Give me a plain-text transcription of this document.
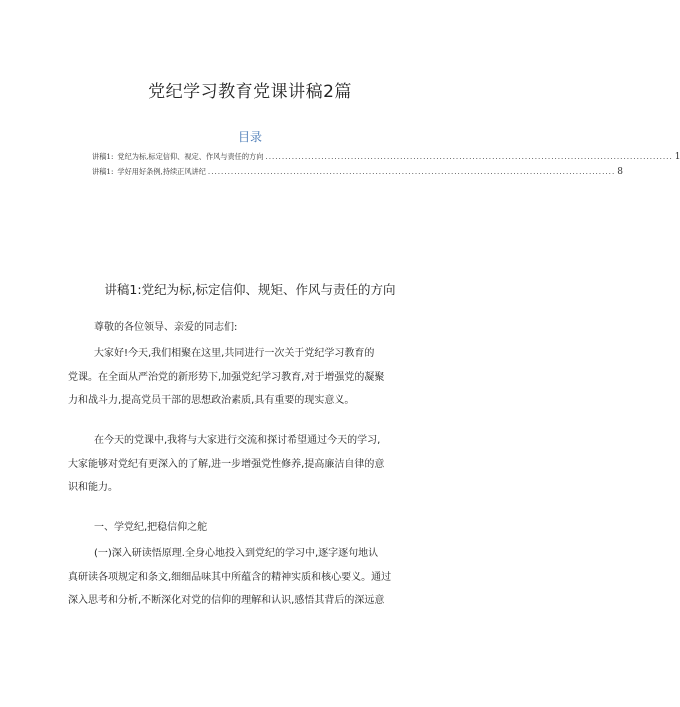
党纪学习教育党课讲稿2篇
目录
讲稿1: 党纪为标,标定信仰、视定、作风与责任的方向 ............................................................................................................................ 1
讲稿1: 学好用好条例,持续正风讲纪 ............................................................................................................................ 8
讲稿1:党纪为标,标定信仰、规矩、作风与责任的方向
尊敬的各位领导、亲爱的同志们:
大家好!今天,我们相聚在这里,共同进行一次关于党纪学习教育的
党课。在全面从严治党的新形势下,加强党纪学习教育,对于增强党的凝聚
力和战斗力,提高党员干部的思想政治素质,具有重要的现实意义。
在今天的党课中,我将与大家进行交流和探讨希望通过今天的学习,
大家能够对党纪有更深入的了解,进一步增强党性修养,提高廉洁自律的意
识和能力。
一、学党纪,把稳信仰之舵
(一)深入研读悟原理.全身心地投入到党纪的学习中,逐字逐句地认
真研读各项规定和条文,细细品味其中所蕴含的精神实质和核心要义。通过
深入思考和分析,不断深化对党的信仰的理解和认识,感悟其背后的深远意
